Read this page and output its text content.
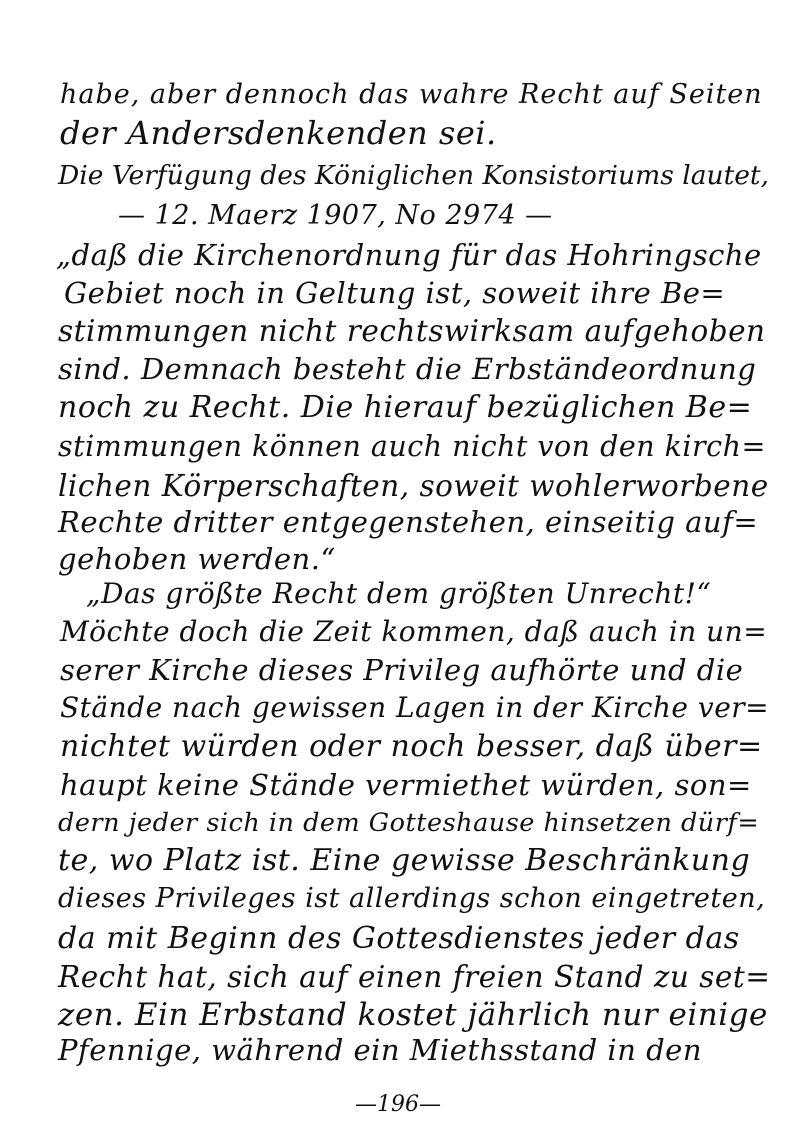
habe, aber dennoch das wahre Recht auf Seiten
der Andersdenkenden sei.
Die Verfügung des Königlichen Konsistoriums lautet,
— 12. Maerz 1907, No 2974 —
„daß die Kirchenordnung für das Hohringsche
Gebiet noch in Geltung ist, soweit ihre Be=
stimmungen nicht rechtswirksam aufgehoben
sind. Demnach besteht die Erbständeordnung
noch zu Recht. Die hierauf bezüglichen Be=
stimmungen können auch nicht von den kirch=
lichen Körperschaften, soweit wohlerworbene
Rechte dritter entgegenstehen, einseitig auf=
gehoben werden.“
„Das größte Recht dem größten Unrecht!“
Möchte doch die Zeit kommen, daß auch in un=
serer Kirche dieses Privileg aufhörte und die
Stände nach gewissen Lagen in der Kirche ver=
nichtet würden oder noch besser, daß über=
haupt keine Stände vermiethet würden, son=
dern jeder sich in dem Gotteshause hinsetzen dürf=
te, wo Platz ist. Eine gewisse Beschränkung
dieses Privileges ist allerdings schon eingetreten,
da mit Beginn des Gottesdienstes jeder das
Recht hat, sich auf einen freien Stand zu set=
zen. Ein Erbstand kostet jährlich nur einige
Pfennige, während ein Miethsstand in den
—196—
